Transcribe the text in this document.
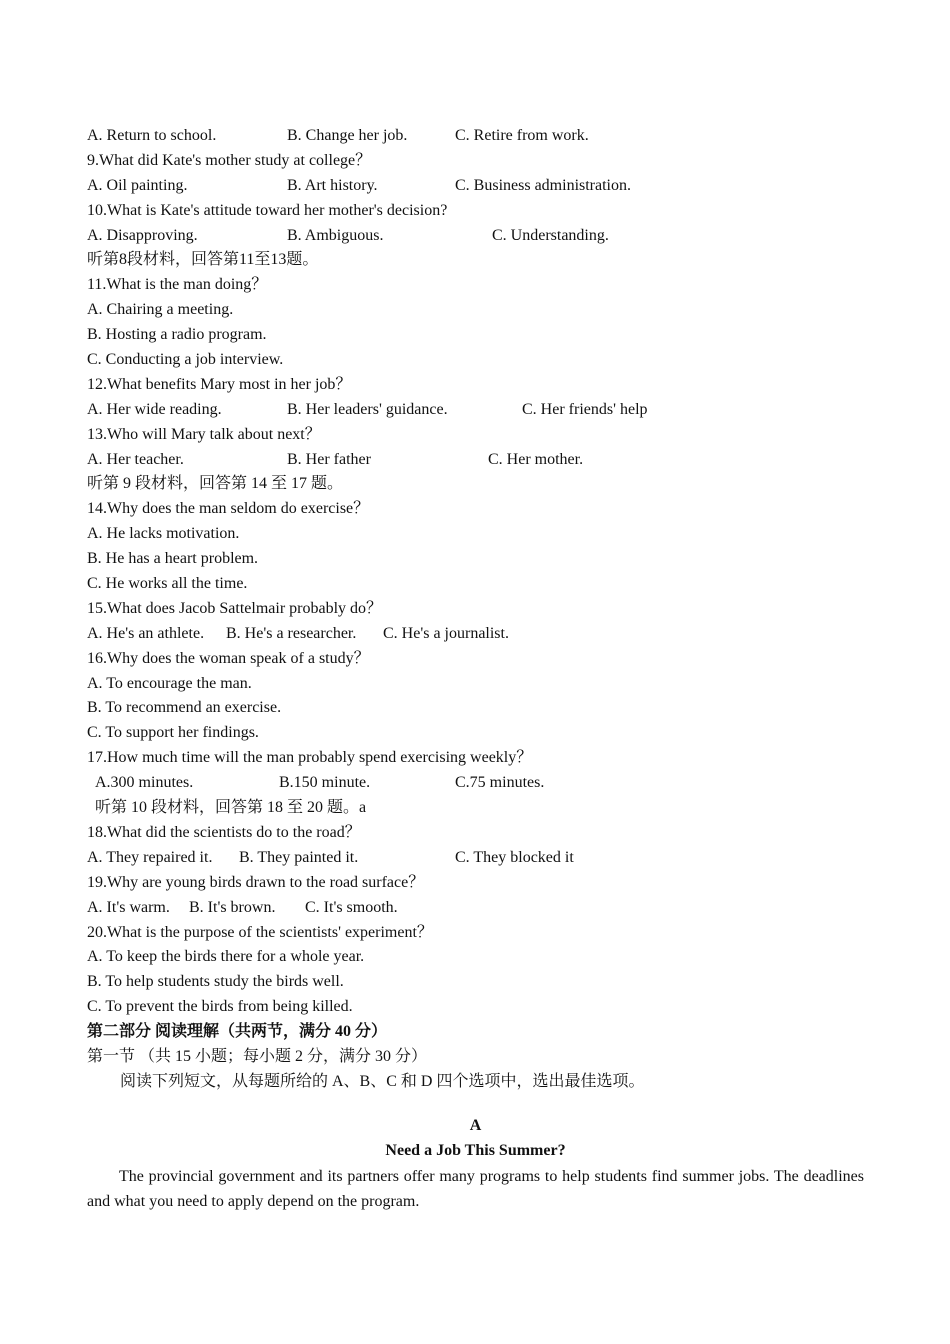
A. Return to school.	B. Change her job.	C. Retire from work.
9.What did Kate's mother study at college？
A. Oil painting.	B. Art history.	C. Business administration.
10.What is Kate's attitude toward her mother's decision?
A. Disapproving.	B. Ambiguous.	C. Understanding.
听第8段材料，回答第11至13题。
11.What is the man doing？
A. Chairing a meeting.
B. Hosting a radio program.
C. Conducting a job interview.
12.What benefits Mary most in her job？
A. Her wide reading.	B. Her leaders' guidance.	C. Her friends' help
13.Who will Mary talk about next？
A. Her teacher.	B. Her father	C. Her mother.
听第 9 段材料，回答第 14 至 17 题。
14.Why does the man seldom do exercise？
A. He lacks motivation.
B. He has a heart problem.
C. He works all the time.
15.What does Jacob Sattelmair probably do？
A. He's an athlete. B. He's a researcher. C. He's a journalist.
16.Why does the woman speak of a study？
A. To encourage the man.
B. To recommend an exercise.
C. To support her findings.
17.How much time will the man probably spend exercising weekly？
A.300 minutes.	B.150 minute.	C.75 minutes.
听第 10 段材料，回答第 18 至 20 题。a
18.What did the scientists do to the road？
A. They repaired it. B. They painted it.	C. They blocked it
19.Why are young birds drawn to the road surface？
A. It's warm. B. It's brown. C. It's smooth.
20.What is the purpose of the scientists' experiment？
A. To keep the birds there for a whole year.
B. To help students study the birds well.
C. To prevent the birds from being killed.
第二部分 阅读理解（共两节，满分 40 分）
第一节 （共 15 小题；每小题 2 分，满分 30 分）
阅读下列短文，从每题所给的 A、B、C 和 D 四个选项中，选出最佳选项。
A
Need a Job This Summer?
The provincial government and its partners offer many programs to help students find summer jobs. The deadlines and what you need to apply depend on the program.
